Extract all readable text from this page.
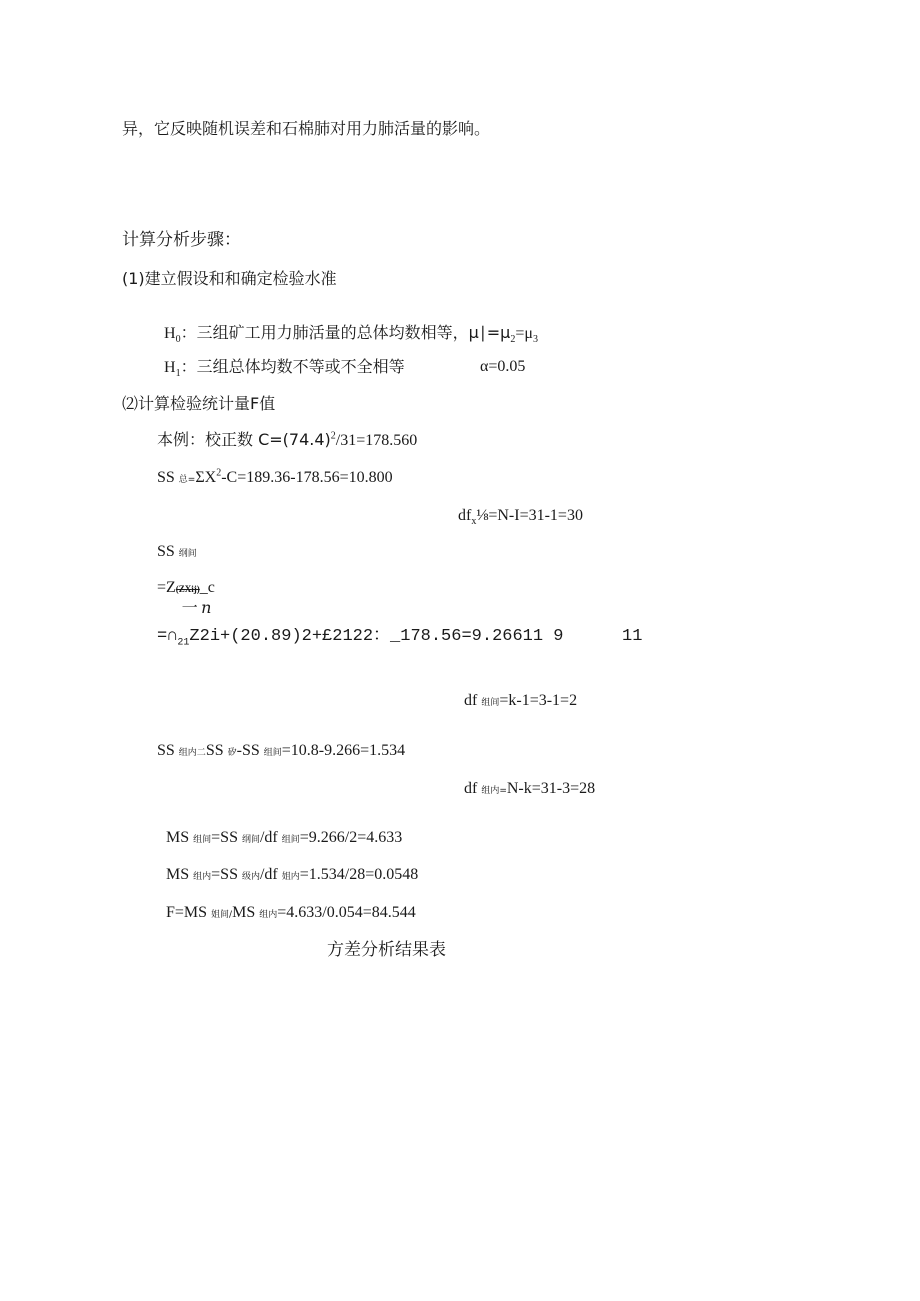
异，它反映随机误差和石棉肺对用力肺活量的影响。
计算分析步骤：
(1)建立假设和和确定检验水准
$H_0$：三组矿工用力肺活量的总体均数相等，$\mu∣=\mu_2=\mu_3$
$H_1$：三组总体均数不等或不全相等	α=0.05
⑵计算检验统计量F值
本例：校正数 $C=(74.4)^2/31=178.560$
SS 总$=\Sigma X^2-C=189.36-178.56=10.800$
$df_x\frac{1}{8}=N-I=31-1=30$
SS 纲间
=Z(ZXij)_c
一 n
$=\cap_{21}Z2i+(20.89)2+£2122$：_178.56=9.26611 9	11
df 组间=k-1=3-1=2
SS 组内二SS 矽-SS 组间=10.8-9.266=1.534
df 组内=N-k=31-3=28
MS 组间=SS 纲间/df 组间=9.266/2=4.633
MS 组内=SS 级内/df 姐内=1.534/28=0.0548
F=MS 姐间/MS 组内=4.633/0.054=84.544
方差分析结果表
